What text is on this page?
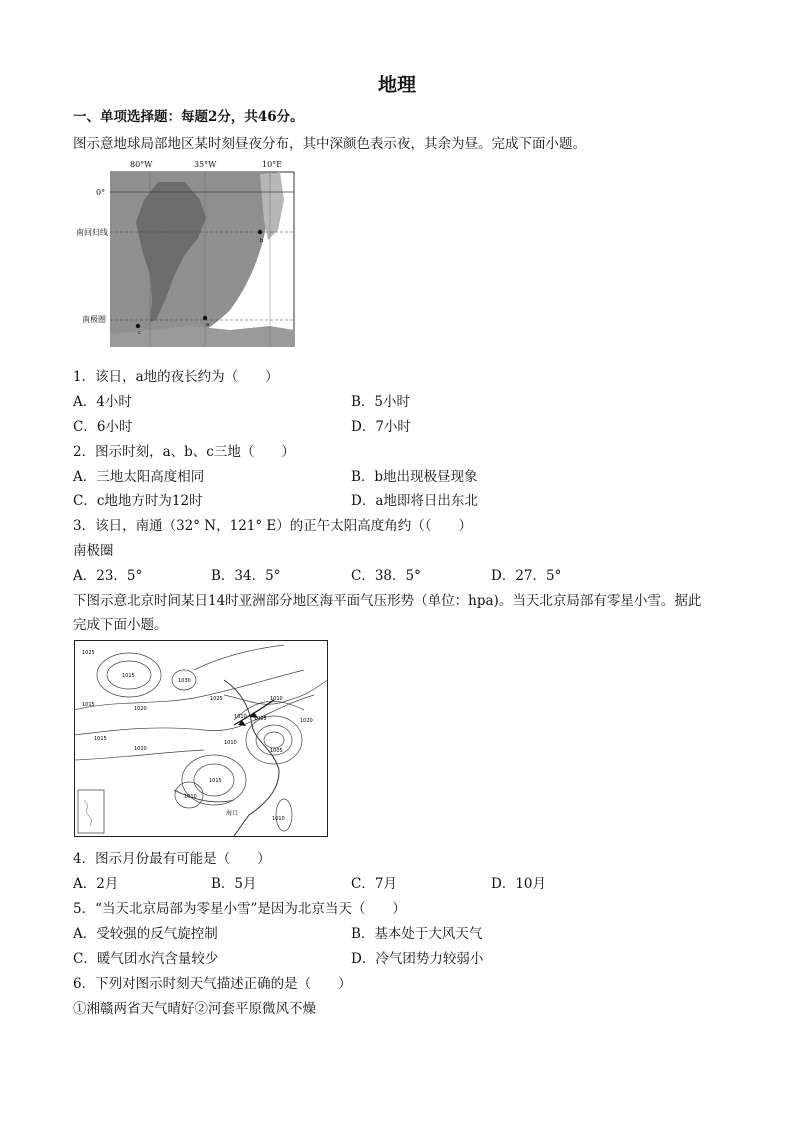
地理
一、单项选择题：每题2分，共46分。
图示意地球局部地区某时刻昼夜分布，其中深颜色表示夜，其余为昼。完成下面小题。
a
b
c
80°W	35°W	10°E
0°
南回归线
南极圈
1．该日，a地的夜长约为（　　）
A．4小时	B．5小时
C．6小时	D．7小时
2．图示时刻，a、b、c三地（　　）
A．三地太阳高度相同	B．b地出现极昼现象
C．c地地方时为12时	D．a地即将日出东北
3．该日，南通（32° N，121° E）的正午太阳高度角约（（　　）
南极圈
A．23．5°	B．34．5°	C．38．5°	D．27．5°
下图示意北京时间某日14时亚洲部分地区海平面气压形势（单位：hpa)。当天北京局部有零星小雪。据此
完成下面小题。
1025
1015
1030
1020
1015
1025
1010 1005	1020
1010
1015
1010
1010
1015
1010
1005
1010
海口
4．图示月份最有可能是（　　）
A．2月	B．5月	C．7月	D．10月
5．“当天北京局部为零星小雪”是因为北京当天（　　）
A．受较强的反气旋控制	B．基本处于大风天气
C．暖气团水汽含量较少	D．冷气团势力较弱小
6．下列对图示时刻天气描述正确的是（　　）
①湘赣两省天气晴好②河套平原微风不燥
